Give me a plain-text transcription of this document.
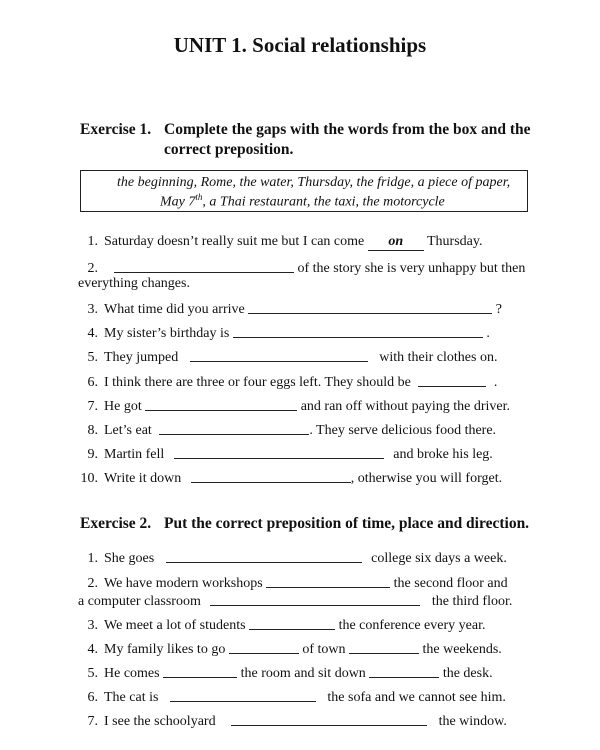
UNIT 1. Social relationships
Exercise 1. Complete the gaps with the words from the box and the
correct preposition.
the beginning, Rome, the water, Thursday, the fridge, a piece of paper,
May 7th, a Thai restaurant, the taxi, the motorcycle
1. Saturday doesn’t really suit me but I can come on Thursday.
2.	of the story she is very unhappy but then
everything changes.
3. What time did you arrive	?
4. My sister’s birthday is	.
5. They jumped	with their clothes on.
6. I think there are three or four eggs left. They should be	.
7. He got	and ran off without paying the driver.
8. Let’s eat	. They serve delicious food there.
9. Martin fell	and broke his leg.
10. Write it down	, otherwise you will forget.
Exercise 2. Put the correct preposition of time, place and direction.
1. She goes	college six days a week.
2. We have modern workshops	the second floor and
a computer classroom	the third floor.
3. We meet a lot of students	the conference every year.
4. My family likes to go	of town	the weekends.
5. He comes	the room and sit down	the desk.
6. The cat is	the sofa and we cannot see him.
7. I see the schoolyard	the window.
